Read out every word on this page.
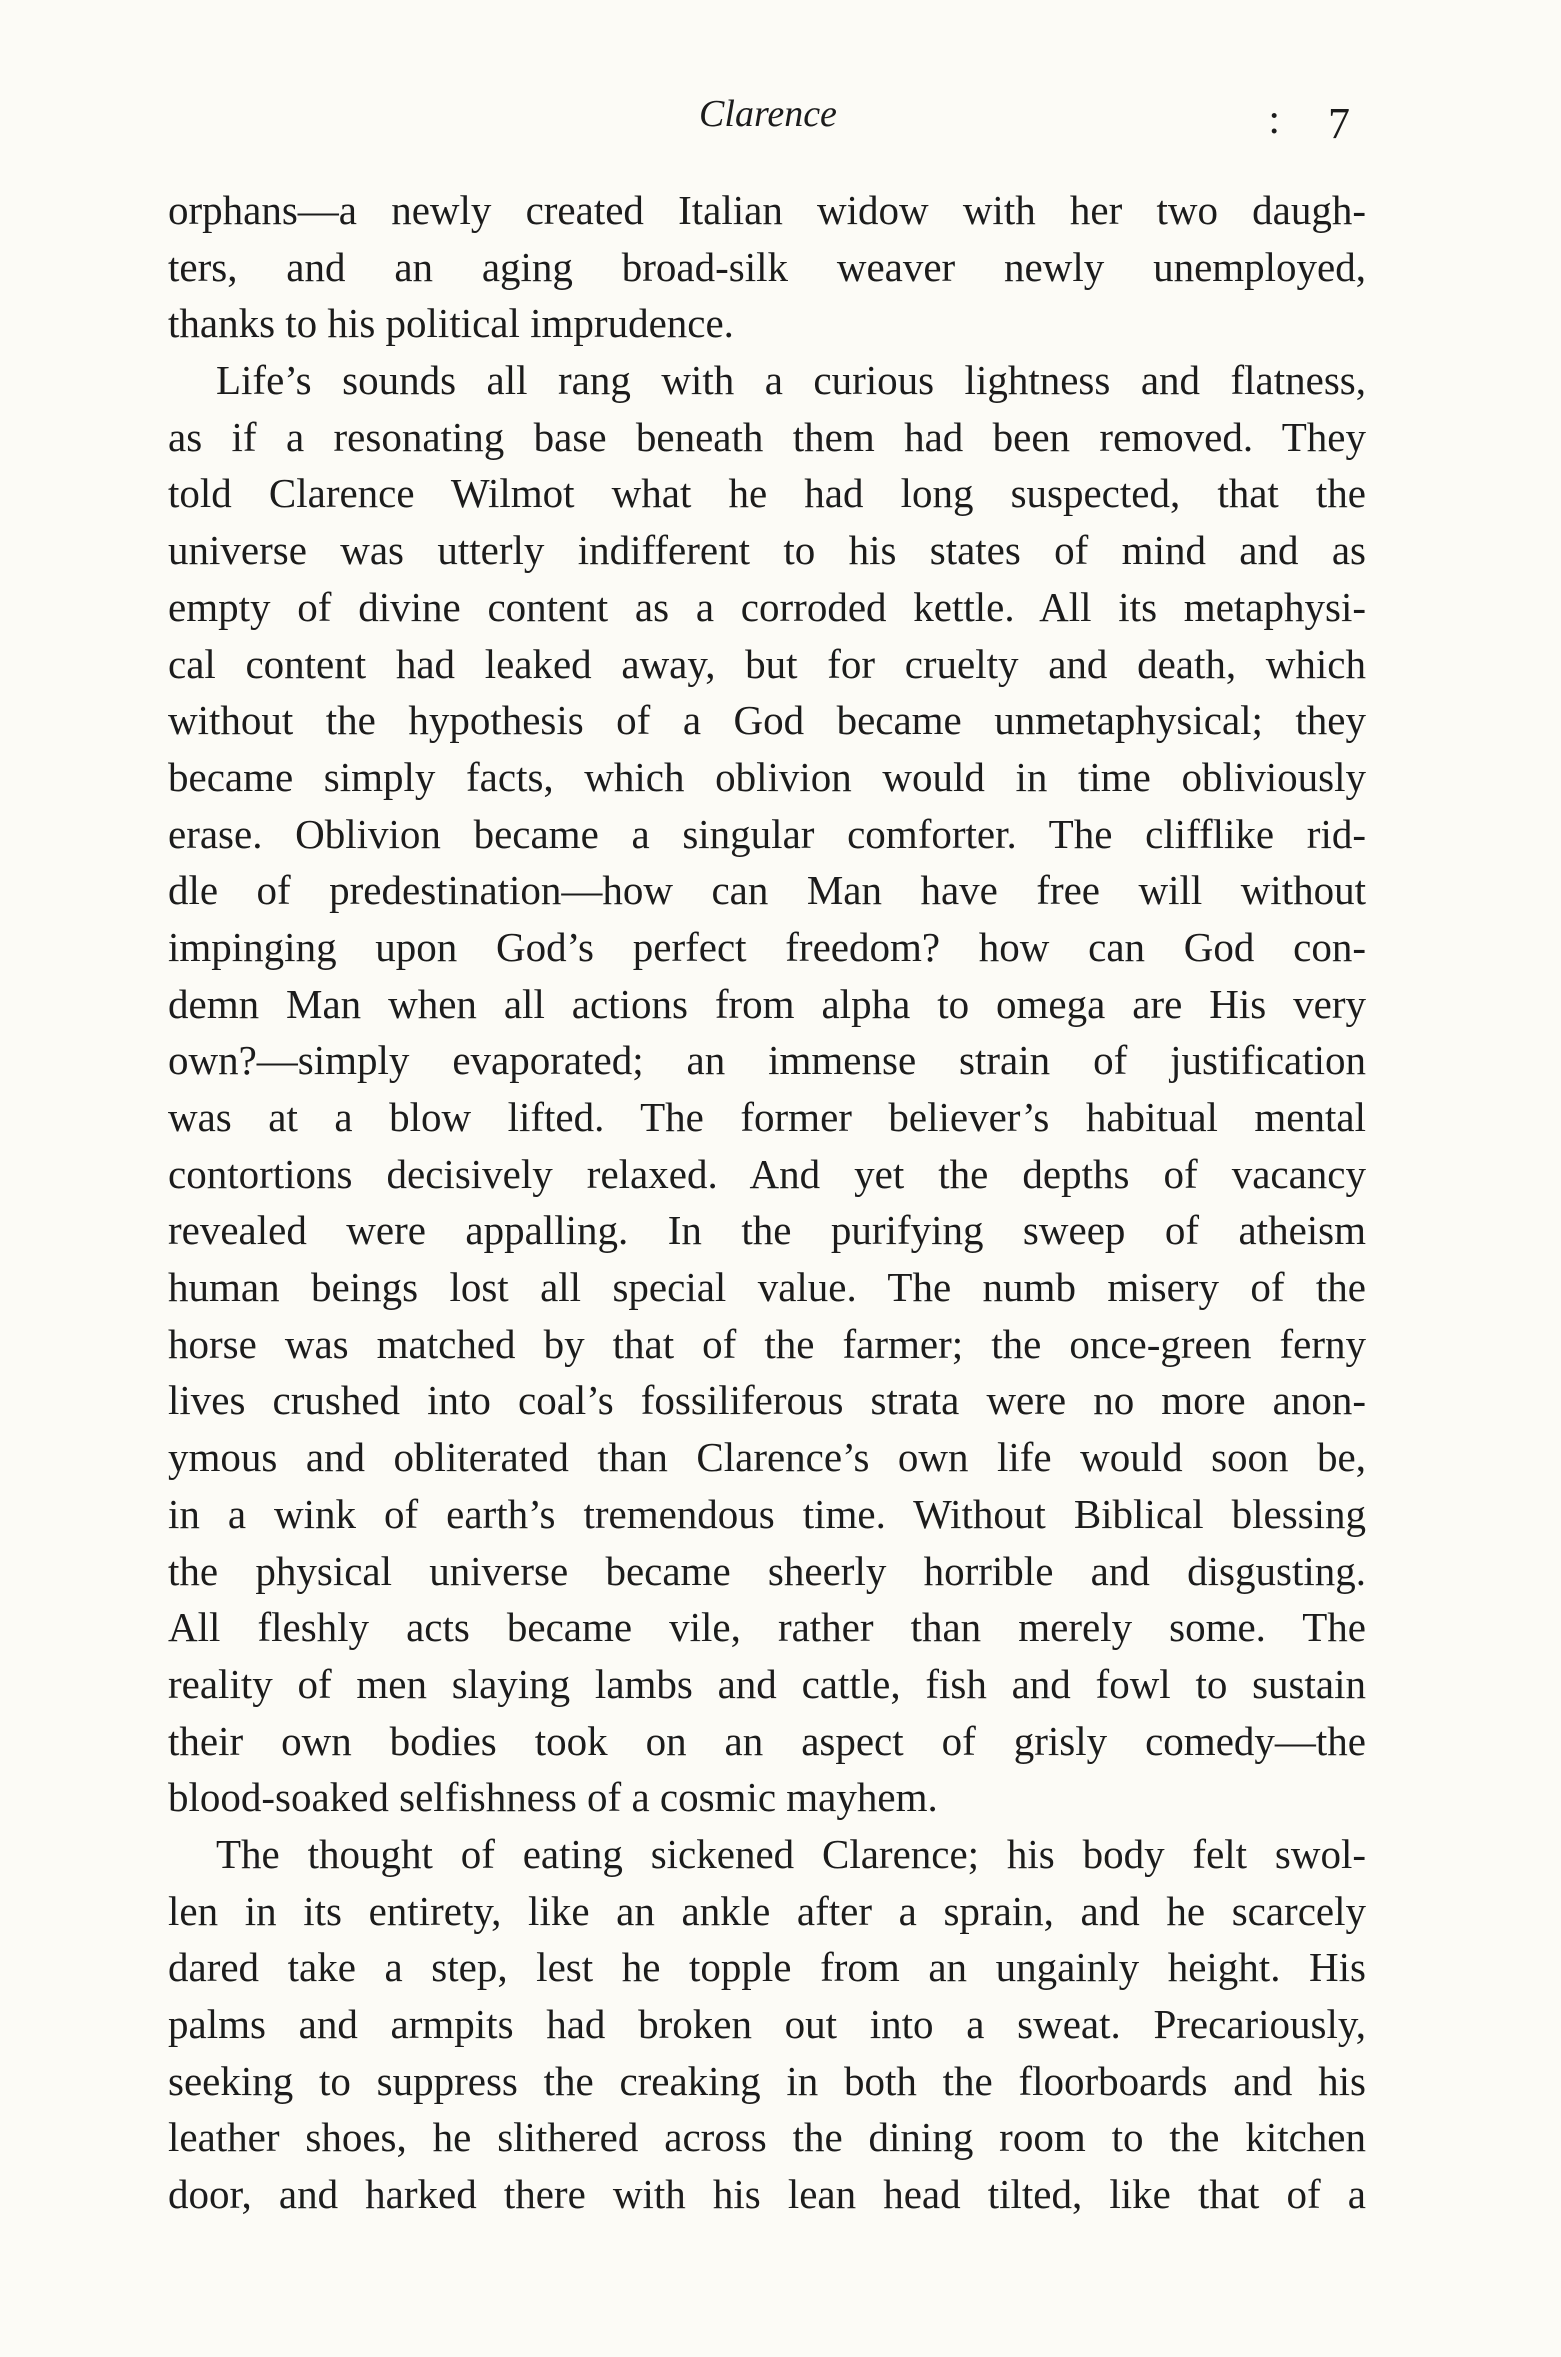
Clarence	: 7
orphans—a newly created Italian widow with her two daugh-
ters, and an aging broad-silk weaver newly unemployed,
thanks to his political imprudence.
Life’s sounds all rang with a curious lightness and flatness,
as if a resonating base beneath them had been removed. They
told Clarence Wilmot what he had long suspected, that the
universe was utterly indifferent to his states of mind and as
empty of divine content as a corroded kettle. All its metaphysi-
cal content had leaked away, but for cruelty and death, which
without the hypothesis of a God became unmetaphysical; they
became simply facts, which oblivion would in time obliviously
erase. Oblivion became a singular comforter. The clifflike rid-
dle of predestination—how can Man have free will without
impinging upon God’s perfect freedom? how can God con-
demn Man when all actions from alpha to omega are His very
own?—simply evaporated; an immense strain of justification
was at a blow lifted. The former believer’s habitual mental
contortions decisively relaxed. And yet the depths of vacancy
revealed were appalling. In the purifying sweep of atheism
human beings lost all special value. The numb misery of the
horse was matched by that of the farmer; the once-green ferny
lives crushed into coal’s fossiliferous strata were no more anon-
ymous and obliterated than Clarence’s own life would soon be,
in a wink of earth’s tremendous time. Without Biblical blessing
the physical universe became sheerly horrible and disgusting.
All fleshly acts became vile, rather than merely some. The
reality of men slaying lambs and cattle, fish and fowl to sustain
their own bodies took on an aspect of grisly comedy—the
blood-soaked selfishness of a cosmic mayhem.
The thought of eating sickened Clarence; his body felt swol-
len in its entirety, like an ankle after a sprain, and he scarcely
dared take a step, lest he topple from an ungainly height. His
palms and armpits had broken out into a sweat. Precariously,
seeking to suppress the creaking in both the floorboards and his
leather shoes, he slithered across the dining room to the kitchen
door, and harked there with his lean head tilted, like that of a
